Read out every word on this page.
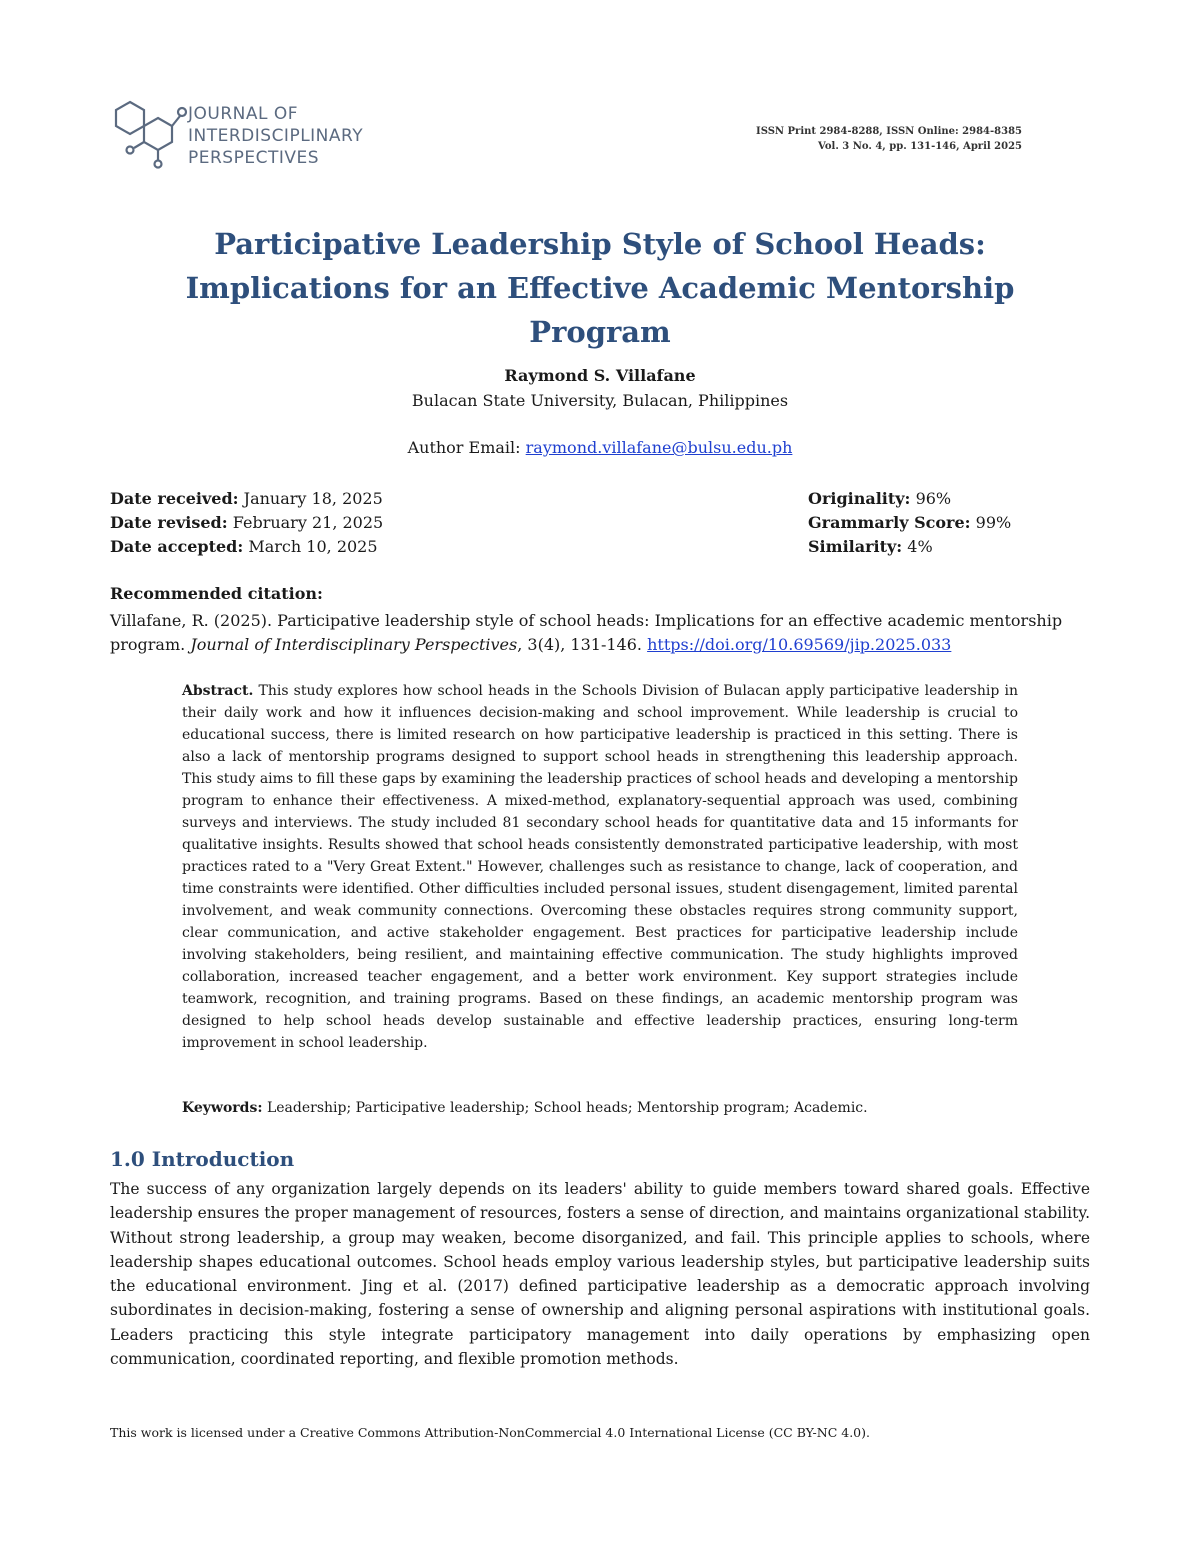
JOURNAL OF
INTERDISCIPLINARY
PERSPECTIVES
ISSN Print 2984-8288, ISSN Online: 2984-8385
Vol. 3 No. 4, pp. 131-146, April 2025
Participative Leadership Style of School Heads:
Implications for an Effective Academic Mentorship
Program
Raymond S. Villafane
Bulacan State University, Bulacan, Philippines
Author Email: raymond.villafane@bulsu.edu.ph
Date received: January 18, 2025
Date revised: February 21, 2025
Date accepted: March 10, 2025
Originality: 96%
Grammarly Score: 99%
Similarity: 4%
Recommended citation:
Villafane, R. (2025). Participative leadership style of school heads: Implications for an effective academic mentorship program. Journal of Interdisciplinary Perspectives, 3(4), 131-146. https://doi.org/10.69569/jip.2025.033
Abstract. This study explores how school heads in the Schools Division of Bulacan apply participative leadership in their daily work and how it influences decision-making and school improvement. While leadership is crucial to educational success, there is limited research on how participative leadership is practiced in this setting. There is also a lack of mentorship programs designed to support school heads in strengthening this leadership approach. This study aims to fill these gaps by examining the leadership practices of school heads and developing a mentorship program to enhance their effectiveness. A mixed-method, explanatory-sequential approach was used, combining surveys and interviews. The study included 81 secondary school heads for quantitative data and 15 informants for qualitative insights. Results showed that school heads consistently demonstrated participative leadership, with most practices rated to a "Very Great Extent." However, challenges such as resistance to change, lack of cooperation, and time constraints were identified. Other difficulties included personal issues, student disengagement, limited parental involvement, and weak community connections. Overcoming these obstacles requires strong community support, clear communication, and active stakeholder engagement. Best practices for participative leadership include involving stakeholders, being resilient, and maintaining effective communication. The study highlights improved collaboration, increased teacher engagement, and a better work environment. Key support strategies include teamwork, recognition, and training programs. Based on these findings, an academic mentorship program was designed to help school heads develop sustainable and effective leadership practices, ensuring long-term improvement in school leadership.
Keywords: Leadership; Participative leadership; School heads; Mentorship program; Academic.
1.0 Introduction
The success of any organization largely depends on its leaders' ability to guide members toward shared goals. Effective leadership ensures the proper management of resources, fosters a sense of direction, and maintains organizational stability. Without strong leadership, a group may weaken, become disorganized, and fail. This principle applies to schools, where leadership shapes educational outcomes. School heads employ various leadership styles, but participative leadership suits the educational environment. Jing et al. (2017) defined participative leadership as a democratic approach involving subordinates in decision-making, fostering a sense of ownership and aligning personal aspirations with institutional goals. Leaders practicing this style integrate participatory management into daily operations by emphasizing open communication, coordinated reporting, and flexible promotion methods.
This work is licensed under a Creative Commons Attribution-NonCommercial 4.0 International License (CC BY-NC 4.0).
